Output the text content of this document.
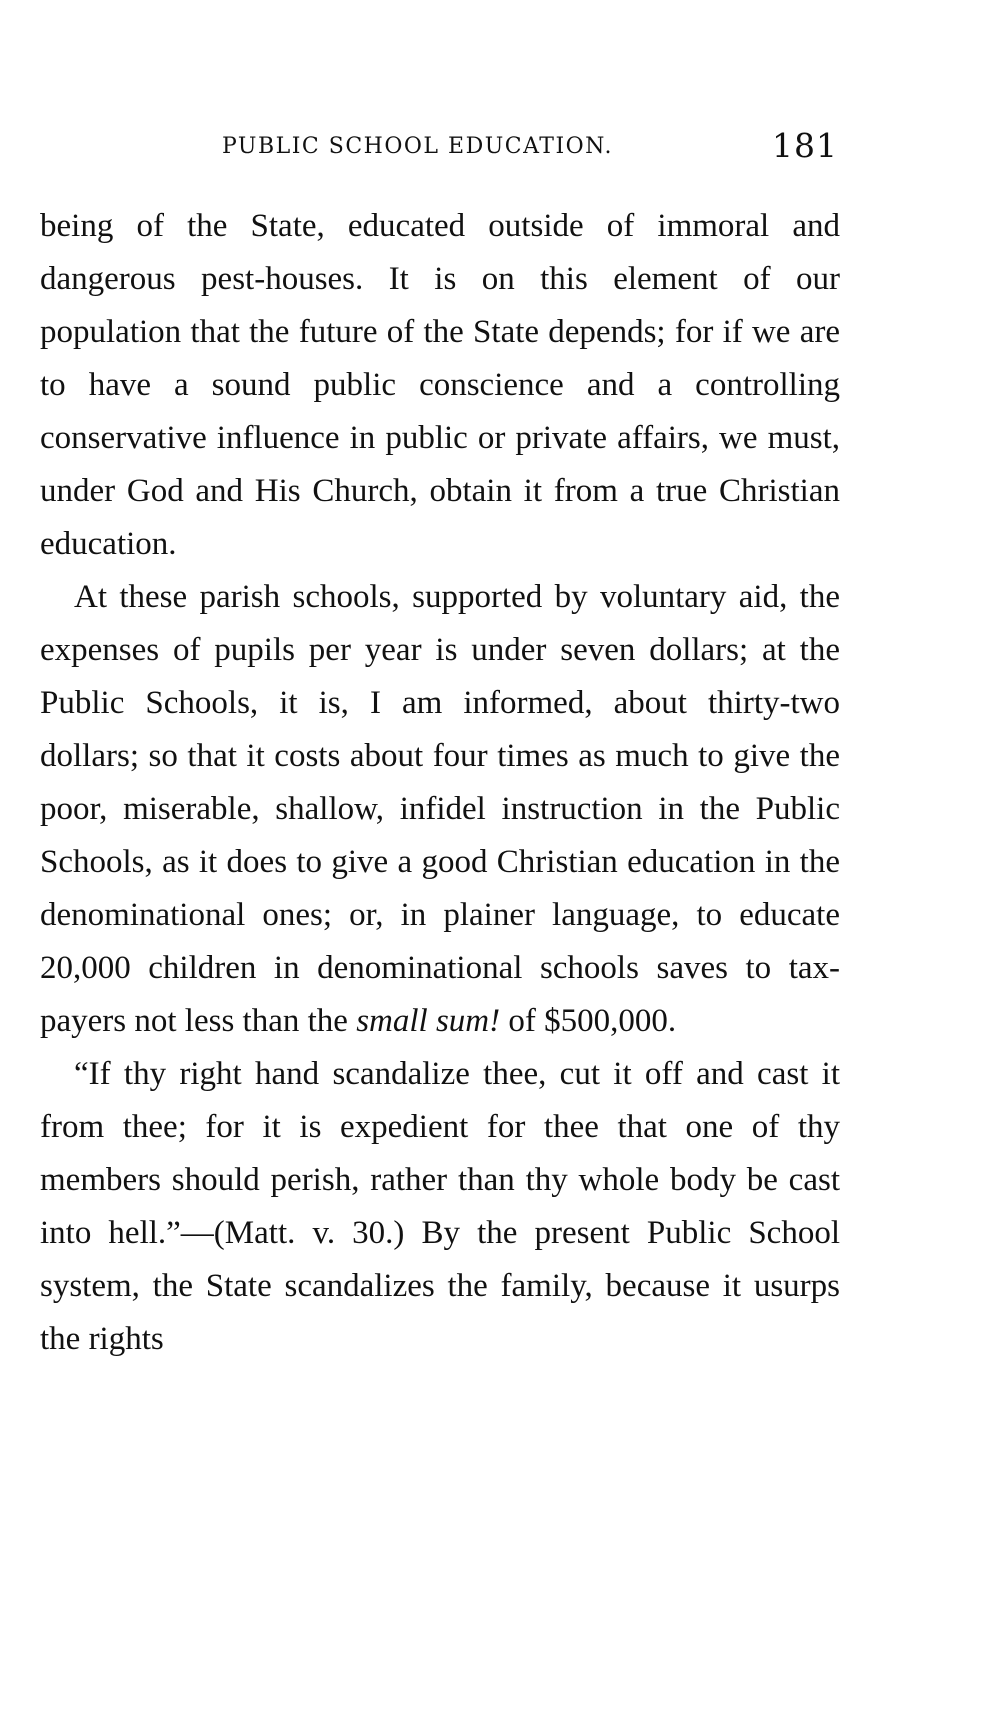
PUBLIC SCHOOL EDUCATION.	181

being of the State, educated outside of immoral and dangerous pest-houses. It is on this element of our population that the future of the State depends; for if we are to have a sound public conscience and a controlling conservative influence in public or private affairs, we must, under God and His Church, obtain it from a true Christian education.

At these parish schools, supported by voluntary aid, the expenses of pupils per year is under seven dollars; at the Public Schools, it is, I am informed, about thirty-two dollars; so that it costs about four times as much to give the poor, miserable, shallow, infidel instruction in the Public Schools, as it does to give a good Christian education in the denominational ones; or, in plainer language, to educate 20,000 children in denominational schools saves to tax-payers not less than the small sum! of $500,000.

“If thy right hand scandalize thee, cut it off and cast it from thee; for it is expedient for thee that one of thy members should perish, rather than thy whole body be cast into hell.”—(Matt. v. 30.) By the present Public School system, the State scandalizes the family, because it usurps the rights
